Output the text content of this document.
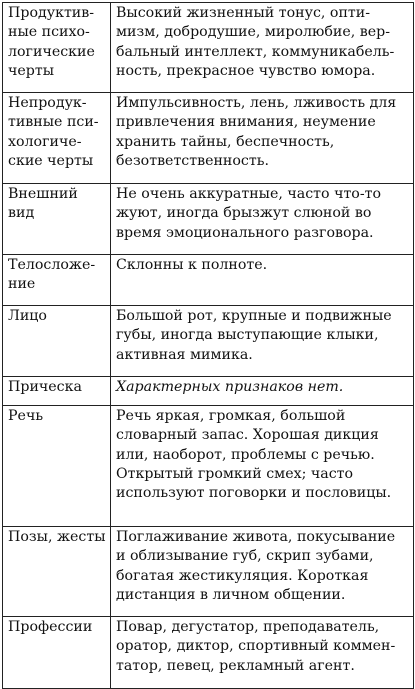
Продуктив-
ные психо-
логические
черты	Высокий жизненный тонус, опти-
мизм, добродушие, миролюбие, вер-
бальный интеллект, коммуникабель-
ность, прекрасное чувство юмора.

Непродук-
тивные пси-
хологиче-
ские черты	Импульсивность, лень, лживость для
привлечения внимания, неумение
хранить тайны, беспечность,
безответственность.

Внешний
вид	Не очень аккуратные, часто что-то
жуют, иногда брызжут слюной во
время эмоционального разговора.

Телосложе-
ние	Склонны к полноте.

Лицо	Большой рот, крупные и подвижные
губы, иногда выступающие клыки,
активная мимика.

Прическа	Характерных признаков нет.

Речь	Речь яркая, громкая, большой
словарный запас. Хорошая дикция
или, наоборот, проблемы с речью.
Открытый громкий смех; часто
используют поговорки и пословицы.

Позы, жесты	Поглаживание живота, покусывание
и облизывание губ, скрип зубами,
богатая жестикуляция. Короткая
дистанция в личном общении.

Профессии	Повар, дегустатор, преподаватель,
оратор, диктор, спортивный коммен-
татор, певец, рекламный агент.
